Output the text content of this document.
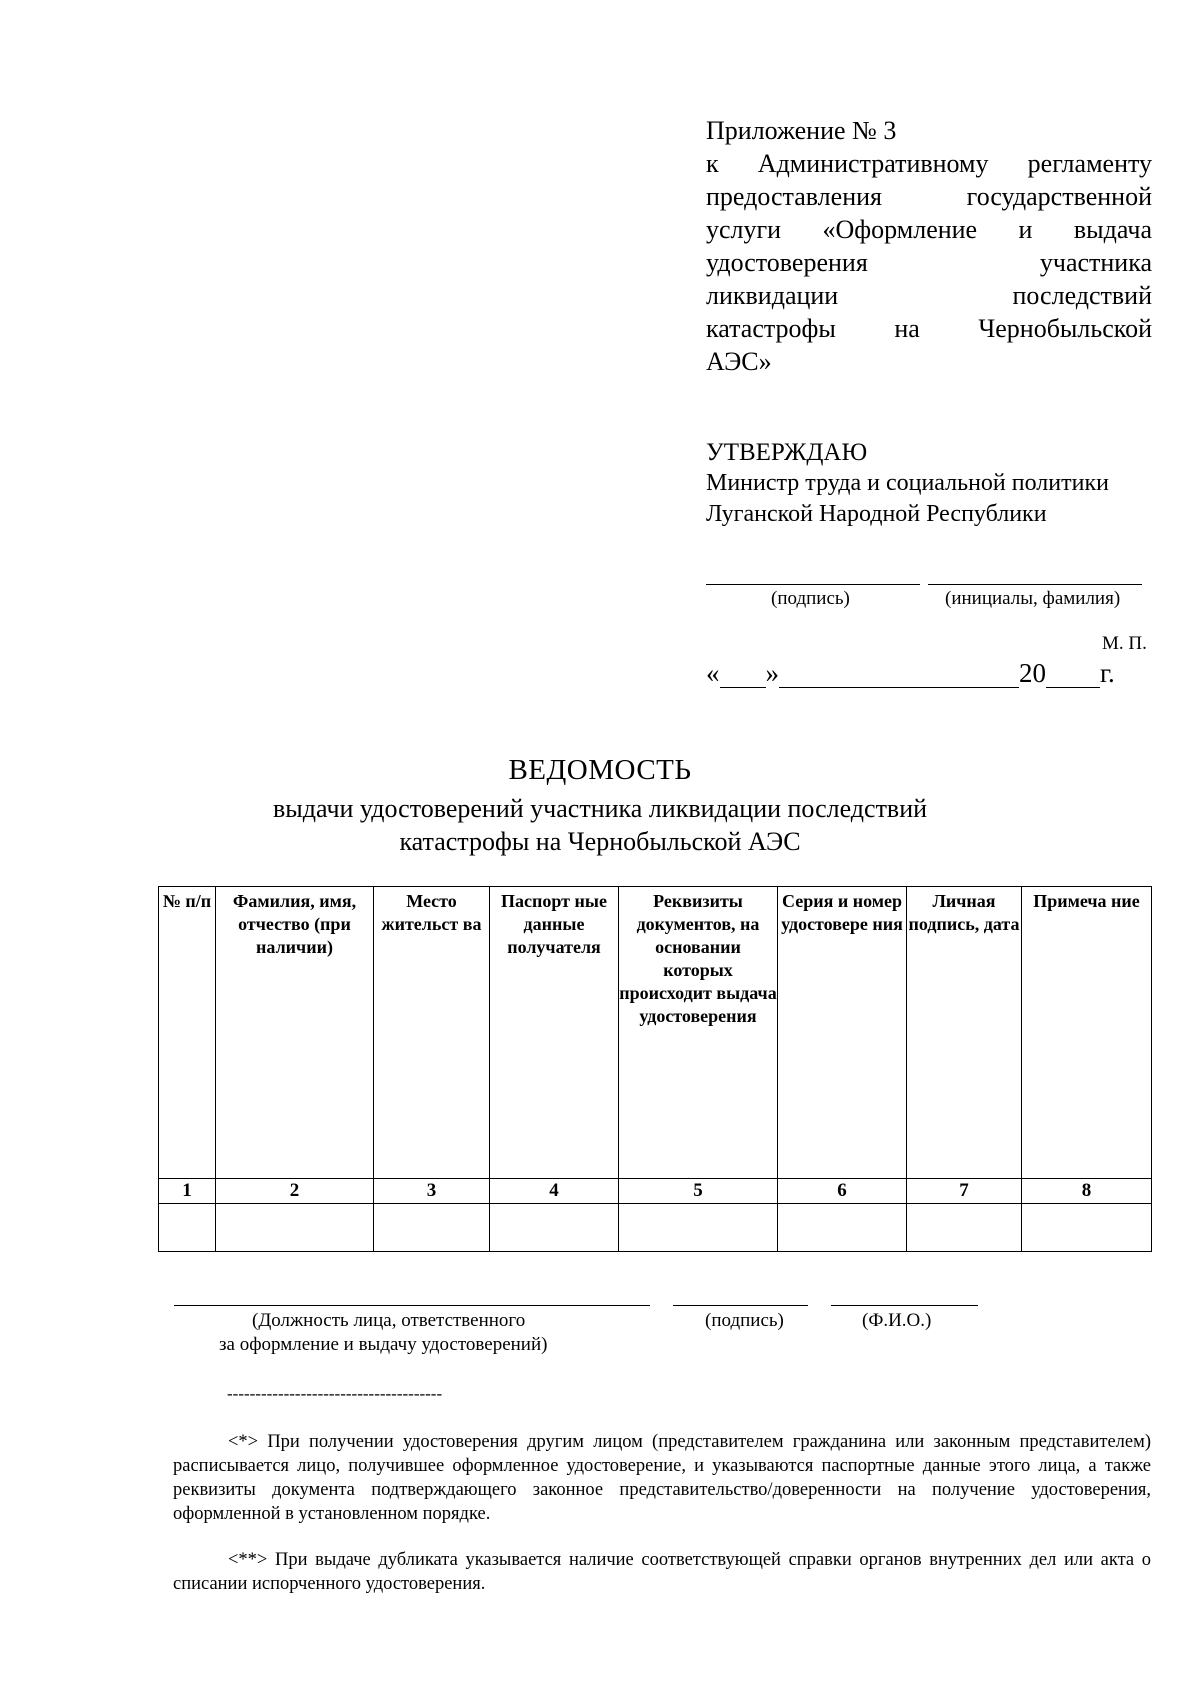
Приложение № 3
к Административному регламенту
предоставления государственной
услуги «Оформление и выдача
удостоверения участника
ликвидации последствий
катастрофы на Чернобыльской
АЭС»
УТВЕРЖДАЮ
Министр труда и социальной политики
Луганской Народной Республики
(подпись)	(инициалы, фамилия)
М. П.
« »	20 г.
ВЕДОМОСТЬ
выдачи удостоверений участника ликвидации последствий
катастрофы на Чернобыльской АЭС
№ п/п	Фамилия, имя, отчество (при наличии)	Место жительст ва	Паспорт ные данные получателя	Реквизиты документов, на основании которых происходит выдача удостоверения	Серия и номер удостовере ния	Личная подпись, дата	Примеча ние
1	2	3	4	5	6	7	8

(Должность лица, ответственного
за оформление и выдачу удостоверений)
(подпись)	(Ф.И.О.)
--------------------------------------
<*> При получении удостоверения другим лицом (представителем гражданина или законным представителем) расписывается лицо, получившее оформленное удостоверение, и указываются паспортные данные этого лица, а также реквизиты документа подтверждающего законное представительство/доверенности на получение удостоверения, оформленной в установленном порядке.
<**> При выдаче дубликата указывается наличие соответствующей справки органов внутренних дел или акта о списании испорченного удостоверения.
